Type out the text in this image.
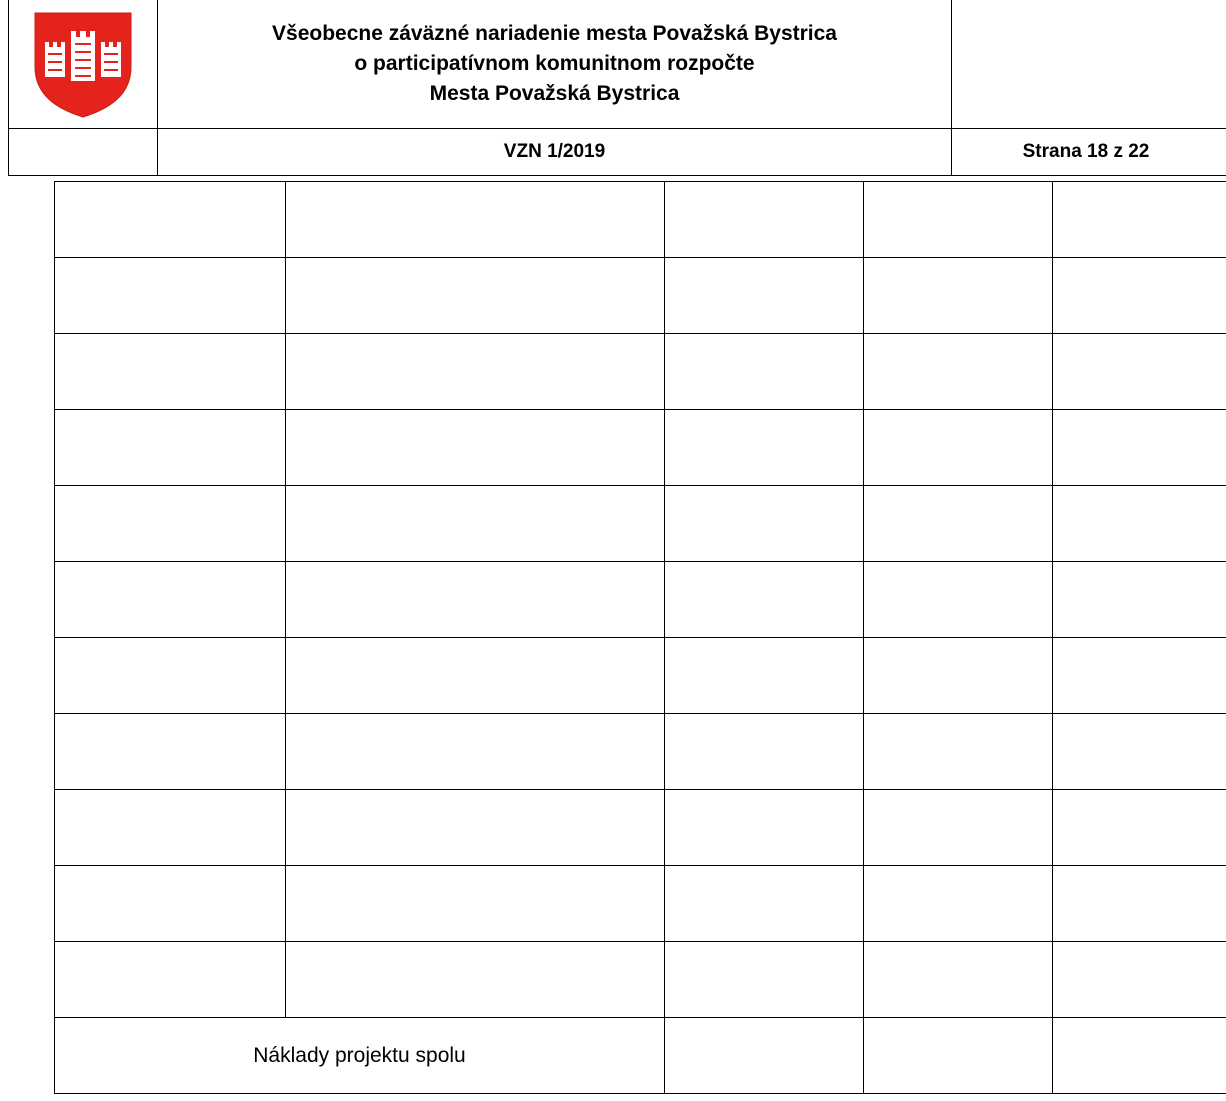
Všeobecne záväzné nariadenie mesta Považská Bystrica
o participatívnom komunitnom rozpočte
Mesta Považská Bystrica
VZN 1/2019	Strana 18 z 22

Náklady projektu spolu				
